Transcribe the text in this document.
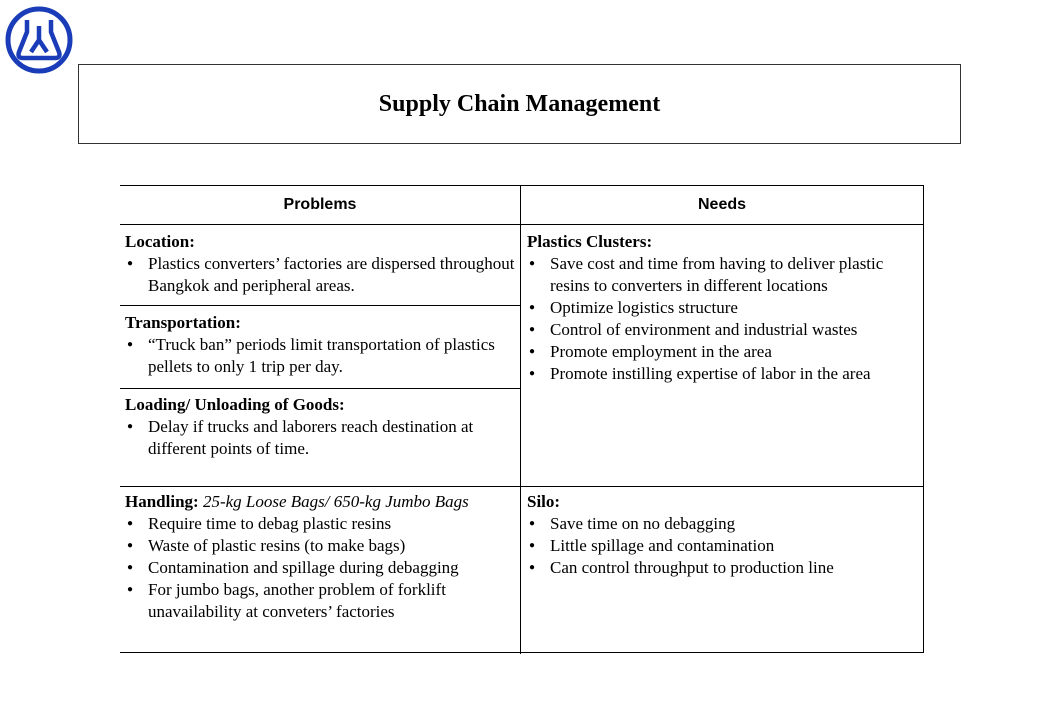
Supply Chain Management
Problems	Needs
Location:
● Plastics converters’ factories are dispersed throughout Bangkok and peripheral areas.
Transportation:
● “Truck ban” periods limit transportation of plastics pellets to only 1 trip per day.
Loading/ Unloading of Goods:
● Delay if trucks and laborers reach destination at different points of time.
Handling: 25-kg Loose Bags/ 650-kg Jumbo Bags
● Require time to debag plastic resins
● Waste of plastic resins (to make bags)
● Contamination and spillage during debagging
● For jumbo bags, another problem of forklift unavailability at conveters’ factories
Plastics Clusters:
● Save cost and time from having to deliver plastic resins to converters in different locations
● Optimize logistics structure
● Control of environment and industrial wastes
● Promote employment in the area
● Promote instilling expertise of labor in the area
Silo:
● Save time on no debagging
● Little spillage and contamination
● Can control throughput to production line
